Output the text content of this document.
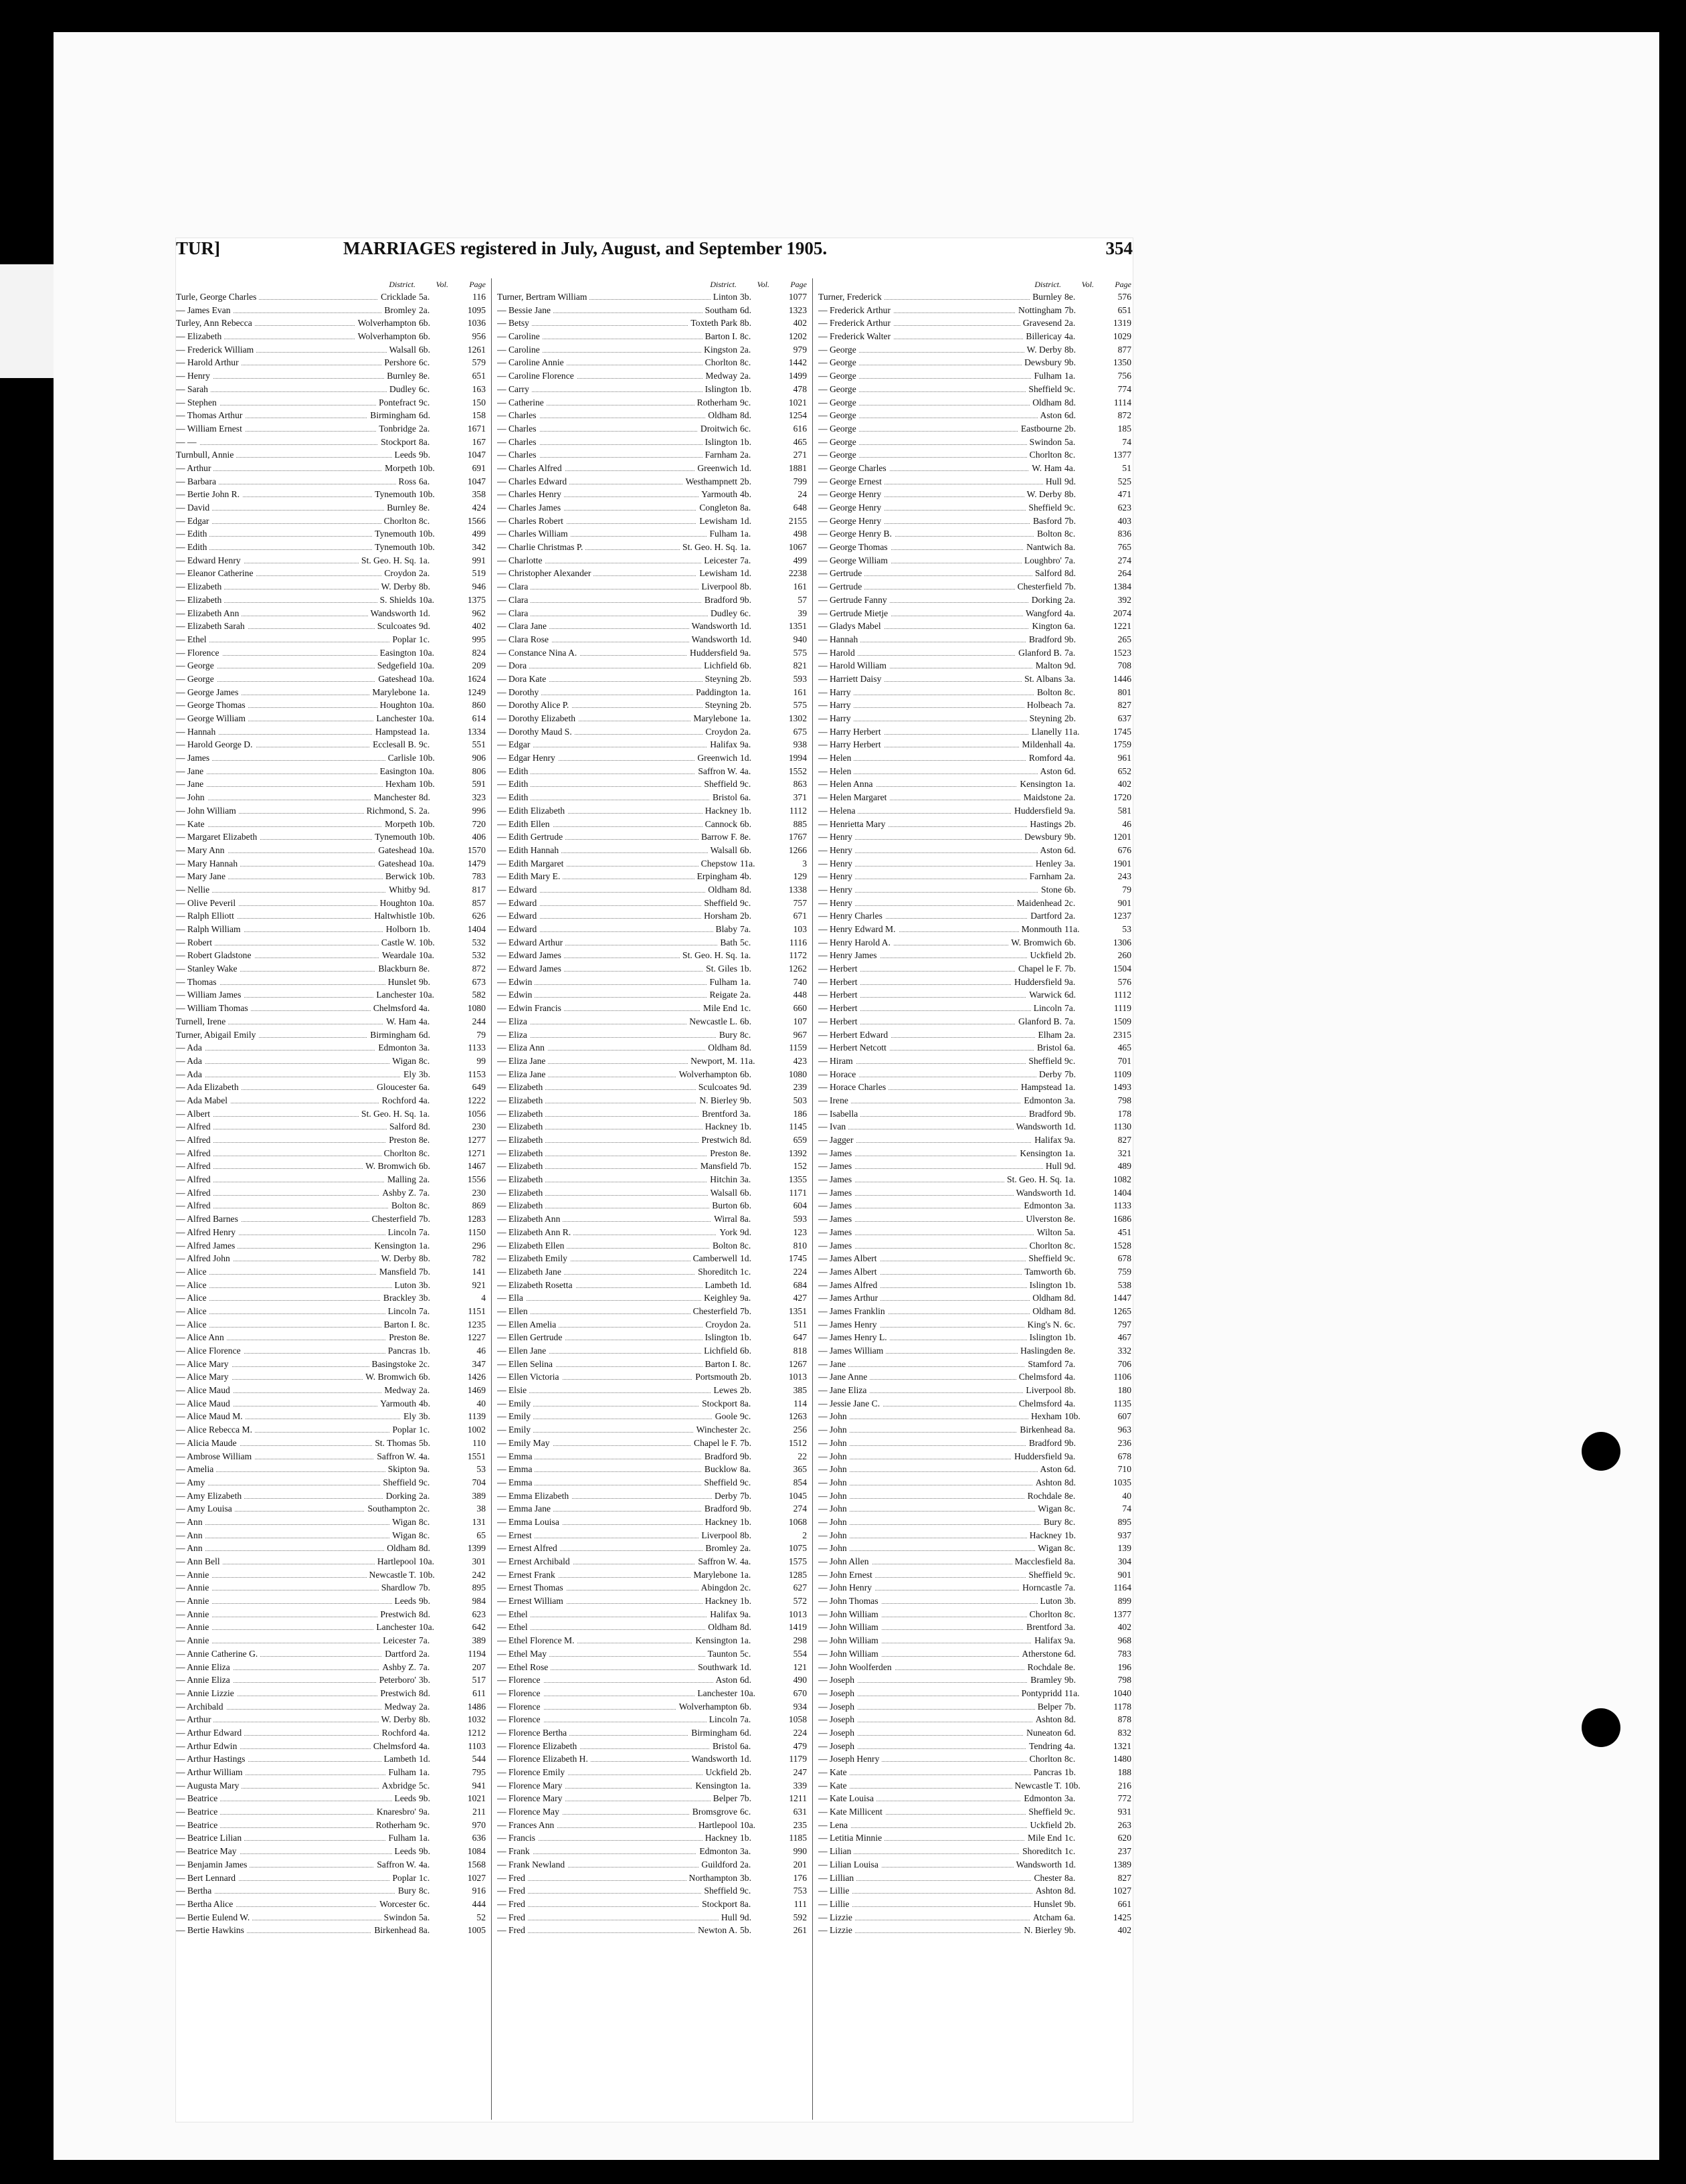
TUR]	MARRIAGES registered in July, August, and September 1905.	354
District.	Vol.	Page
Turle, George Charles	Cricklade 5a.	116
— James Evan	Bromley 2a.	1095
Turley, Ann Rebecca	Wolverhampton 6b.	1036
— Elizabeth	Wolverhampton 6b.	956
— Frederick William	Walsall 6b.	1261
— Harold Arthur	Pershore 6c.	579
— Henry	Burnley 8e.	651
— Sarah	Dudley 6c.	163
— Stephen	Pontefract 9c.	150
— Thomas Arthur	Birmingham 6d.	158
— William Ernest	Tonbridge 2a.	1671
— —	Stockport 8a.	167
Turnbull, Annie	Leeds 9b.	1047
— Arthur	Morpeth 10b.	691
— Barbara	Ross 6a.	1047
— Bertie John R.	Tynemouth 10b.	358
— David	Burnley 8e.	424
— Edgar	Chorlton 8c.	1566
— Edith	Tynemouth 10b.	499
— Edith	Tynemouth 10b.	342
— Edward Henry	St. Geo. H. Sq. 1a.	991
— Eleanor Catherine	Croydon 2a.	519
— Elizabeth	W. Derby 8b.	946
— Elizabeth	S. Shields 10a.	1375
— Elizabeth Ann	Wandsworth 1d.	962
— Elizabeth Sarah	Sculcoates 9d.	402
— Ethel	Poplar 1c.	995
— Florence	Easington 10a.	824
— George	Sedgefield 10a.	209
— George	Gateshead 10a.	1624
— George James	Marylebone 1a.	1249
— George Thomas	Houghton 10a.	860
— George William	Lanchester 10a.	614
— Hannah	Hampstead 1a.	1334
— Harold George D.	Ecclesall B. 9c.	551
— James	Carlisle 10b.	906
— Jane	Easington 10a.	806
— Jane	Hexham 10b.	591
— John	Manchester 8d.	323
— John William	Richmond, S. 2a.	996
— Kate	Morpeth 10b.	720
— Margaret Elizabeth	Tynemouth 10b.	406
— Mary Ann	Gateshead 10a.	1570
— Mary Hannah	Gateshead 10a.	1479
— Mary Jane	Berwick 10b.	783
— Nellie	Whitby 9d.	817
— Olive Peveril	Houghton 10a.	857
— Ralph Elliott	Haltwhistle 10b.	626
— Ralph William	Holborn 1b.	1404
— Robert	Castle W. 10b.	532
— Robert Gladstone	Weardale 10a.	532
— Stanley Wake	Blackburn 8e.	872
— Thomas	Hunslet 9b.	673
— William James	Lanchester 10a.	582
— William Thomas	Chelmsford 4a.	1080
Turnell, Irene	W. Ham 4a.	244
Turner, Abigail Emily	Birmingham 6d.	79
— Ada	Edmonton 3a.	1133
— Ada	Wigan 8c.	99
— Ada	Ely 3b.	1153
— Ada Elizabeth	Gloucester 6a.	649
— Ada Mabel	Rochford 4a.	1222
— Albert	St. Geo. H. Sq. 1a.	1056
— Alfred	Salford 8d.	230
— Alfred	Preston 8e.	1277
— Alfred	Chorlton 8c.	1271
— Alfred	W. Bromwich 6b.	1467
— Alfred	Malling 2a.	1556
— Alfred	Ashby Z. 7a.	230
— Alfred	Bolton 8c.	869
— Alfred Barnes	Chesterfield 7b.	1283
— Alfred Henry	Lincoln 7a.	1150
— Alfred James	Kensington 1a.	296
— Alfred John	W. Derby 8b.	782
— Alice	Mansfield 7b.	141
— Alice	Luton 3b.	921
— Alice	Brackley 3b.	4
— Alice	Lincoln 7a.	1151
— Alice	Barton I. 8c.	1235
— Alice Ann	Preston 8e.	1227
— Alice Florence	Pancras 1b.	46
— Alice Mary	Basingstoke 2c.	347
— Alice Mary	W. Bromwich 6b.	1426
— Alice Maud	Medway 2a.	1469
— Alice Maud	Yarmouth 4b.	40
— Alice Maud M.	Ely 3b.	1139
— Alice Rebecca M.	Poplar 1c.	1002
— Alicia Maude	St. Thomas 5b.	110
— Ambrose William	Saffron W. 4a.	1551
— Amelia	Skipton 9a.	53
— Amy	Sheffield 9c.	704
— Amy Elizabeth	Dorking 2a.	389
— Amy Louisa	Southampton 2c.	38
— Ann	Wigan 8c.	131
— Ann	Wigan 8c.	65
— Ann	Oldham 8d.	1399
— Ann Bell	Hartlepool 10a.	301
— Annie	Newcastle T. 10b.	242
— Annie	Shardlow 7b.	895
— Annie	Leeds 9b.	984
— Annie	Prestwich 8d.	623
— Annie	Lanchester 10a.	642
— Annie	Leicester 7a.	389
— Annie Catherine G.	Dartford 2a.	1194
— Annie Eliza	Ashby Z. 7a.	207
— Annie Eliza	Peterboro' 3b.	517
— Annie Lizzie	Prestwich 8d.	611
— Archibald	Medway 2a.	1486
— Arthur	W. Derby 8b.	1032
— Arthur Edward	Rochford 4a.	1212
— Arthur Edwin	Chelmsford 4a.	1103
— Arthur Hastings	Lambeth 1d.	544
— Arthur William	Fulham 1a.	795
— Augusta Mary	Axbridge 5c.	941
— Beatrice	Leeds 9b.	1021
— Beatrice	Knaresbro' 9a.	211
— Beatrice	Rotherham 9c.	970
— Beatrice Lilian	Fulham 1a.	636
— Beatrice May	Leeds 9b.	1084
— Benjamin James	Saffron W. 4a.	1568
— Bert Lennard	Poplar 1c.	1027
— Bertha	Bury 8c.	916
— Bertha Alice	Worcester 6c.	444
— Bertie Eulend W.	Swindon 5a.	52
— Bertie Hawkins	Birkenhead 8a.	1005
District.	Vol.	Page
Turner, Bertram William	Linton 3b.	1077
— Bessie Jane	Southam 6d.	1323
— Betsy	Toxteth Park 8b.	402
— Caroline	Barton I. 8c.	1202
— Caroline	Kingston 2a.	979
— Caroline Annie	Chorlton 8c.	1442
— Caroline Florence	Medway 2a.	1499
— Carry	Islington 1b.	478
— Catherine	Rotherham 9c.	1021
— Charles	Oldham 8d.	1254
— Charles	Droitwich 6c.	616
— Charles	Islington 1b.	465
— Charles	Farnham 2a.	271
— Charles Alfred	Greenwich 1d.	1881
— Charles Edward	Westhampnett 2b.	799
— Charles Henry	Yarmouth 4b.	24
— Charles James	Congleton 8a.	648
— Charles Robert	Lewisham 1d.	2155
— Charles William	Fulham 1a.	498
— Charlie Christmas P.	St. Geo. H. Sq. 1a.	1067
— Charlotte	Leicester 7a.	499
— Christopher Alexander	Lewisham 1d.	2238
— Clara	Liverpool 8b.	161
— Clara	Bradford 9b.	57
— Clara	Dudley 6c.	39
— Clara Jane	Wandsworth 1d.	1351
— Clara Rose	Wandsworth 1d.	940
— Constance Nina A.	Huddersfield 9a.	575
— Dora	Lichfield 6b.	821
— Dora Kate	Steyning 2b.	593
— Dorothy	Paddington 1a.	161
— Dorothy Alice P.	Steyning 2b.	575
— Dorothy Elizabeth	Marylebone 1a.	1302
— Dorothy Maud S.	Croydon 2a.	675
— Edgar	Halifax 9a.	938
— Edgar Henry	Greenwich 1d.	1994
— Edith	Saffron W. 4a.	1552
— Edith	Sheffield 9c.	863
— Edith	Bristol 6a.	371
— Edith Elizabeth	Hackney 1b.	1112
— Edith Ellen	Cannock 6b.	885
— Edith Gertrude	Barrow F. 8e.	1767
— Edith Hannah	Walsall 6b.	1266
— Edith Margaret	Chepstow 11a.	3
— Edith Mary E.	Erpingham 4b.	129
— Edward	Oldham 8d.	1338
— Edward	Sheffield 9c.	757
— Edward	Horsham 2b.	671
— Edward	Blaby 7a.	103
— Edward Arthur	Bath 5c.	1116
— Edward James	St. Geo. H. Sq. 1a.	1172
— Edward James	St. Giles 1b.	1262
— Edwin	Fulham 1a.	740
— Edwin	Reigate 2a.	448
— Edwin Francis	Mile End 1c.	660
— Eliza	Newcastle L. 6b.	107
— Eliza	Bury 8c.	967
— Eliza Ann	Oldham 8d.	1159
— Eliza Jane	Newport, M. 11a.	423
— Eliza Jane	Wolverhampton 6b.	1080
— Elizabeth	Sculcoates 9d.	239
— Elizabeth	N. Bierley 9b.	503
— Elizabeth	Brentford 3a.	186
— Elizabeth	Hackney 1b.	1145
— Elizabeth	Prestwich 8d.	659
— Elizabeth	Preston 8e.	1392
— Elizabeth	Mansfield 7b.	152
— Elizabeth	Hitchin 3a.	1355
— Elizabeth	Walsall 6b.	1171
— Elizabeth	Burton 6b.	604
— Elizabeth Ann	Wirral 8a.	593
— Elizabeth Ann R.	York 9d.	123
— Elizabeth Ellen	Bolton 8c.	810
— Elizabeth Emily	Camberwell 1d.	1745
— Elizabeth Jane	Shoreditch 1c.	224
— Elizabeth Rosetta	Lambeth 1d.	684
— Ella	Keighley 9a.	427
— Ellen	Chesterfield 7b.	1351
— Ellen Amelia	Croydon 2a.	511
— Ellen Gertrude	Islington 1b.	647
— Ellen Jane	Lichfield 6b.	818
— Ellen Selina	Barton I. 8c.	1267
— Ellen Victoria	Portsmouth 2b.	1013
— Elsie	Lewes 2b.	385
— Emily	Stockport 8a.	114
— Emily	Goole 9c.	1263
— Emily	Winchester 2c.	256
— Emily May	Chapel le F. 7b.	1512
— Emma	Bradford 9b.	22
— Emma	Bucklow 8a.	365
— Emma	Sheffield 9c.	854
— Emma Elizabeth	Derby 7b.	1045
— Emma Jane	Bradford 9b.	274
— Emma Louisa	Hackney 1b.	1068
— Ernest	Liverpool 8b.	2
— Ernest Alfred	Bromley 2a.	1075
— Ernest Archibald	Saffron W. 4a.	1575
— Ernest Frank	Marylebone 1a.	1285
— Ernest Thomas	Abingdon 2c.	627
— Ernest William	Hackney 1b.	572
— Ethel	Halifax 9a.	1013
— Ethel	Oldham 8d.	1419
— Ethel Florence M.	Kensington 1a.	298
— Ethel May	Taunton 5c.	554
— Ethel Rose	Southwark 1d.	121
— Florence	Aston 6d.	490
— Florence	Lanchester 10a.	670
— Florence	Wolverhampton 6b.	934
— Florence	Lincoln 7a.	1058
— Florence Bertha	Birmingham 6d.	224
— Florence Elizabeth	Bristol 6a.	479
— Florence Elizabeth H.	Wandsworth 1d.	1179
— Florence Emily	Uckfield 2b.	247
— Florence Mary	Kensington 1a.	339
— Florence Mary	Belper 7b.	1211
— Florence May	Bromsgrove 6c.	631
— Frances Ann	Hartlepool 10a.	235
— Francis	Hackney 1b.	1185
— Frank	Edmonton 3a.	990
— Frank Newland	Guildford 2a.	201
— Fred	Northampton 3b.	176
— Fred	Sheffield 9c.	753
— Fred	Stockport 8a.	111
— Fred	Hull 9d.	592
— Fred	Newton A. 5b.	261
District.	Vol.	Page
Turner, Frederick	Burnley 8e.	576
— Frederick Arthur	Nottingham 7b.	651
— Frederick Arthur	Gravesend 2a.	1319
— Frederick Walter	Billericay 4a.	1029
— George	W. Derby 8b.	877
— George	Dewsbury 9b.	1350
— George	Fulham 1a.	756
— George	Sheffield 9c.	774
— George	Oldham 8d.	1114
— George	Aston 6d.	872
— George	Eastbourne 2b.	185
— George	Swindon 5a.	74
— George	Chorlton 8c.	1377
— George Charles	W. Ham 4a.	51
— George Ernest	Hull 9d.	525
— George Henry	W. Derby 8b.	471
— George Henry	Sheffield 9c.	623
— George Henry	Basford 7b.	403
— George Henry B.	Bolton 8c.	836
— George Thomas	Nantwich 8a.	765
— George William	Loughbro' 7a.	274
— Gertrude	Salford 8d.	264
— Gertrude	Chesterfield 7b.	1384
— Gertrude Fanny	Dorking 2a.	392
— Gertrude Mietje	Wangford 4a.	2074
— Gladys Mabel	Kington 6a.	1221
— Hannah	Bradford 9b.	265
— Harold	Glanford B. 7a.	1523
— Harold William	Malton 9d.	708
— Harriett Daisy	St. Albans 3a.	1446
— Harry	Bolton 8c.	801
— Harry	Holbeach 7a.	827
— Harry	Steyning 2b.	637
— Harry Herbert	Llanelly 11a.	1745
— Harry Herbert	Mildenhall 4a.	1759
— Helen	Romford 4a.	961
— Helen	Aston 6d.	652
— Helen Anna	Kensington 1a.	402
— Helen Margaret	Maidstone 2a.	1720
— Helena	Huddersfield 9a.	581
— Henrietta Mary	Hastings 2b.	46
— Henry	Dewsbury 9b.	1201
— Henry	Aston 6d.	676
— Henry	Henley 3a.	1901
— Henry	Farnham 2a.	243
— Henry	Stone 6b.	79
— Henry	Maidenhead 2c.	901
— Henry Charles	Dartford 2a.	1237
— Henry Edward M.	Monmouth 11a.	53
— Henry Harold A.	W. Bromwich 6b.	1306
— Henry James	Uckfield 2b.	260
— Herbert	Chapel le F. 7b.	1504
— Herbert	Huddersfield 9a.	576
— Herbert	Warwick 6d.	1112
— Herbert	Lincoln 7a.	1119
— Herbert	Glanford B. 7a.	1509
— Herbert Edward	Elham 2a.	2315
— Herbert Netcott	Bristol 6a.	465
— Hiram	Sheffield 9c.	701
— Horace	Derby 7b.	1109
— Horace Charles	Hampstead 1a.	1493
— Irene	Edmonton 3a.	798
— Isabella	Bradford 9b.	178
— Ivan	Wandsworth 1d.	1130
— Jagger	Halifax 9a.	827
— James	Kensington 1a.	321
— James	Hull 9d.	489
— James	St. Geo. H. Sq. 1a.	1082
— James	Wandsworth 1d.	1404
— James	Edmonton 3a.	1133
— James	Ulverston 8e.	1686
— James	Wilton 5a.	451
— James	Chorlton 8c.	1528
— James Albert	Sheffield 9c.	678
— James Albert	Tamworth 6b.	759
— James Alfred	Islington 1b.	538
— James Arthur	Oldham 8d.	1447
— James Franklin	Oldham 8d.	1265
— James Henry	King's N. 6c.	797
— James Henry L.	Islington 1b.	467
— James William	Haslingden 8e.	332
— Jane	Stamford 7a.	706
— Jane Anne	Chelmsford 4a.	1106
— Jane Eliza	Liverpool 8b.	180
— Jessie Jane C.	Chelmsford 4a.	1135
— John	Hexham 10b.	607
— John	Birkenhead 8a.	963
— John	Bradford 9b.	236
— John	Huddersfield 9a.	678
— John	Aston 6d.	710
— John	Ashton 8d.	1035
— John	Rochdale 8e.	40
— John	Wigan 8c.	74
— John	Bury 8c.	895
— John	Hackney 1b.	937
— John	Wigan 8c.	139
— John Allen	Macclesfield 8a.	304
— John Ernest	Sheffield 9c.	901
— John Henry	Horncastle 7a.	1164
— John Thomas	Luton 3b.	899
— John William	Chorlton 8c.	1377
— John William	Brentford 3a.	402
— John William	Halifax 9a.	968
— John William	Atherstone 6d.	783
— John Woolferden	Rochdale 8e.	196
— Joseph	Bramley 9b.	798
— Joseph	Pontypridd 11a.	1040
— Joseph	Belper 7b.	1178
— Joseph	Ashton 8d.	878
— Joseph	Nuneaton 6d.	832
— Joseph	Tendring 4a.	1321
— Joseph Henry	Chorlton 8c.	1480
— Kate	Pancras 1b.	188
— Kate	Newcastle T. 10b.	216
— Kate Louisa	Edmonton 3a.	772
— Kate Millicent	Sheffield 9c.	931
— Lena	Uckfield 2b.	263
— Letitia Minnie	Mile End 1c.	620
— Lilian	Shoreditch 1c.	237
— Lilian Louisa	Wandsworth 1d.	1389
— Lillian	Chester 8a.	827
— Lillie	Ashton 8d.	1027
— Lillie	Hunslet 9b.	661
— Lizzie	Atcham 6a.	1425
— Lizzie	N. Bierley 9b.	402
